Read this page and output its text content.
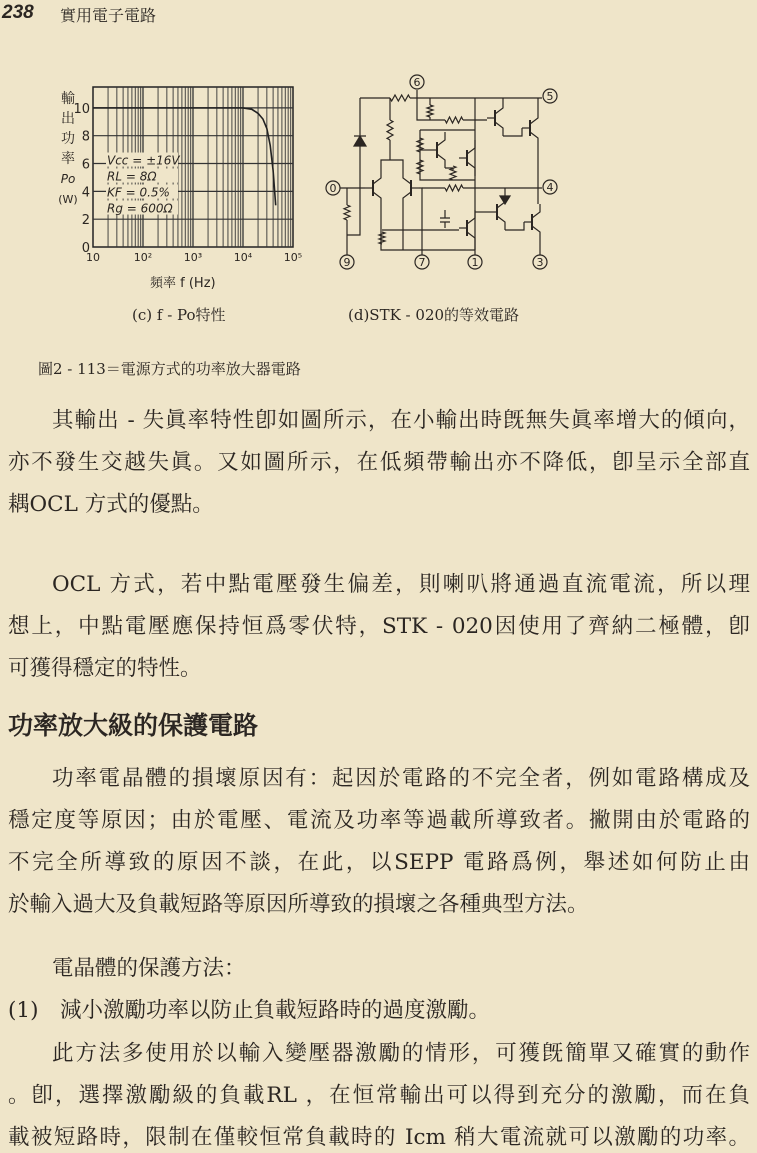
238 實用電子電路
10	10²	10³	10⁴	10⁵
0
2
4
6
8
10
輸
出
功
率
Po
(W)
頻率 f (Hz)
Vcc = ±16V
RL = 8Ω
KF = 0.5%
Rg = 600Ω
6
5
0	4
9	7	1	3
(c) f - Po特性	(d)STK - 020的等效電路
圖2 - 113＝電源方式的功率放大器電路
其輸出 - 失眞率特性卽如圖所示，在小輸出時旣無失眞率增大的傾向，
亦不發生交越失眞。又如圖所示，在低頻帶輸出亦不降低，卽呈示全部直
耦OCL 方式的優點。
OCL 方式，若中點電壓發生偏差，則喇叭將通過直流電流，所以理
想上，中點電壓應保持恒爲零伏特，STK - 020因使用了齊納二極體，卽
可獲得穩定的特性。
功率放大級的保護電路
功率電晶體的損壞原因有：起因於電路的不完全者，例如電路構成及
穩定度等原因；由於電壓、電流及功率等過載所導致者。撇開由於電路的
不完全所導致的原因不談，在此，以SEPP 電路爲例，舉述如何防止由
於輸入過大及負載短路等原因所導致的損壞之各種典型方法。
電晶體的保護方法：
(1)　減小激勵功率以防止負載短路時的過度激勵。
此方法多使用於以輸入變壓器激勵的情形，可獲旣簡單又確實的動作
。卽，選擇激勵級的負載RL ，在恒常輸出可以得到充分的激勵，而在負
載被短路時，限制在僅較恒常負載時的 Icm 稍大電流就可以激勵的功率。
